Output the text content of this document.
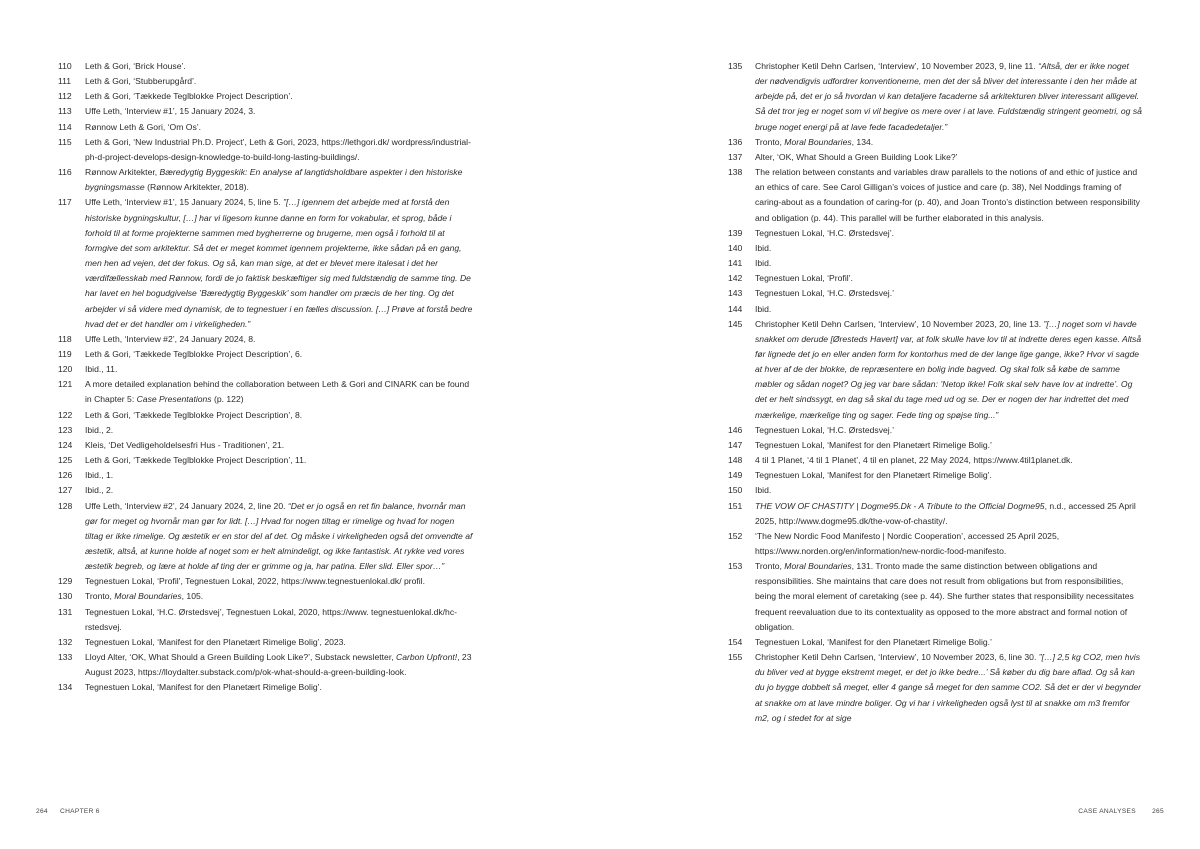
110	Leth & Gori, ‘Brick House’.
111	Leth & Gori, ‘Stubberupgård’.
112	Leth & Gori, ‘Tækkede Teglblokke Project Description’.
113	Uffe Leth, ‘Interview #1’, 15 January 2024, 3.
114	Rønnow Leth & Gori, ‘Om Os’.
115	Leth & Gori, ‘New Industrial Ph.D. Project’, Leth & Gori, 2023, https://lethgori.dk/ wordpress/industrial-ph-d-project-develops-design-knowledge-to-build-long-lasting-buildings/.
116	Rønnow Arkitekter, Bæredygtig Byggeskik: En analyse af langtidsholdbare aspekter i den historiske bygningsmasse (Rønnow Arkitekter, 2018).
117	Uffe Leth, ‘Interview #1’, 15 January 2024, 5, line 5. ”[…] igennem det arbejde med at forstå den historiske bygningskultur, […] har vi ligesom kunne danne en form for vokabular, et sprog, både i forhold til at forme projekterne sammen med bygherrerne og brugerne, men også i forhold til at formgive det som arkitektur. Så det er meget kommet igennem projekterne, ikke sådan på en gang, men hen ad vejen, det der fokus. Og så, kan man sige, at det er blevet mere italesat i det her værdifællesskab med Rønnow, fordi de jo faktisk beskæftiger sig med fuldstændig de samme ting. De har lavet en hel bogudgivelse ’Bæredygtig Byggeskik’ som handler om præcis de her ting. Og det arbejder vi så videre med dynamisk, de to tegnestuer i en fælles discussion. […] Prøve at forstå bedre hvad det er det handler om i virkeligheden.”
118	Uffe Leth, ‘Interview #2’, 24 January 2024, 8.
119	Leth & Gori, ‘Tækkede Teglblokke Project Description’, 6.
120	Ibid., 11.
121	A more detailed explanation behind the collaboration between Leth & Gori and CINARK can be found in Chapter 5: Case Presentations (p. 122)
122	Leth & Gori, ‘Tækkede Teglblokke Project Description’, 8.
123	Ibid., 2.
124	Kleis, ‘Det Vedligeholdelsesfri Hus - Traditionen’, 21.
125	Leth & Gori, ‘Tækkede Teglblokke Project Description’, 11.
126	Ibid., 1.
127	Ibid., 2.
128	Uffe Leth, ‘Interview #2’, 24 January 2024, 2, line 20. “Det er jo også en ret fin balance, hvornår man gør for meget og hvornår man gør for lidt. […] Hvad for nogen tiltag er rimelige og hvad for nogen tiltag er ikke rimelige. Og æstetik er en stor del af det. Og måske i virkeligheden også det omvendte af æstetik, altså, at kunne holde af noget som er helt almindeligt, og ikke fantastisk. At rykke ved vores æstetik begreb, og lære at holde af ting der er grimme og ja, har patina. Eller slid. Eller spor…”
129	Tegnestuen Lokal, ‘Profil’, Tegnestuen Lokal, 2022, https://www.tegnestuenlokal.dk/ profil.
130	Tronto, Moral Boundaries, 105.
131	Tegnestuen Lokal, ‘H.C. Ørstedsvej’, Tegnestuen Lokal, 2020, https://www. tegnestuenlokal.dk/hc-rstedsvej.
132	Tegnestuen Lokal, ‘Manifest for den Planetært Rimelige Bolig’, 2023.
133	Lloyd Alter, ‘OK, What Should a Green Building Look Like?’, Substack newsletter, Carbon Upfront!, 23 August 2023, https://lloydalter.substack.com/p/ok-what-should-a-green-building-look.
134	Tegnestuen Lokal, ‘Manifest for den Planetært Rimelige Bolig’.
264 CHAPTER 6
135	Christopher Ketil Dehn Carlsen, ‘Interview’, 10 November 2023, 9, line 11. “Altså, der er ikke noget der nødvendigvis udfordrer konventionerne, men det der så bliver det interessante i den her måde at arbejde på, det er jo så hvordan vi kan detaljere facaderne så arkitekturen bliver interessant alligevel. Så det tror jeg er noget som vi vil begive os mere over i at lave. Fuldstændig stringent geometri, og så bruge noget energi på at lave fede facadedetaljer.”
136	Tronto, Moral Boundaries, 134.
137	Alter, ‘OK, What Should a Green Building Look Like?’
138	The relation between constants and variables draw parallels to the notions of and ethic of justice and an ethics of care. See Carol Gilligan’s voices of justice and care (p. 38), Nel Noddings framing of caring-about as a foundation of caring-for (p. 40), and Joan Tronto’s distinction between responsibility and obligation (p. 44). This parallel will be further elaborated in this analysis.
139	Tegnestuen Lokal, ‘H.C. Ørstedsvej’.
140	Ibid.
141	Ibid.
142	Tegnestuen Lokal, ‘Profil’.
143	Tegnestuen Lokal, ‘H.C. Ørstedsvej.’
144	Ibid.
145	Christopher Ketil Dehn Carlsen, ‘Interview’, 10 November 2023, 20, line 13. ”[…] noget som vi havde snakket om derude [Øresteds Havert] var, at folk skulle have lov til at indrette deres egen kasse. Altså før lignede det jo en eller anden form for kontorhus med de der lange lige gange, ikke? Hvor vi sagde at hver af de der blokke, de repræsentere en bolig inde bagved. Og skal folk så købe de samme møbler og sådan noget? Og jeg var bare sådan: ’Netop ikke! Folk skal selv have lov at indrette’. Og det er helt sindssygt, en dag så skal du tage med ud og se. Der er nogen der har indrettet det med mærkelige, mærkelige ting og sager. Fede ting og spøjse ting...”
146	Tegnestuen Lokal, ‘H.C. Ørstedsvej.’
147	Tegnestuen Lokal, ‘Manifest for den Planetært Rimelige Bolig.’
148	4 til 1 Planet, ‘4 til 1 Planet’, 4 til en planet, 22 May 2024, https://www.4til1planet.dk.
149	Tegnestuen Lokal, ‘Manifest for den Planetært Rimelige Bolig’.
150	Ibid.
151	THE VOW OF CHASTITY | Dogme95.Dk - A Tribute to the Official Dogme95, n.d., accessed 25 April 2025, http://www.dogme95.dk/the-vow-of-chastity/.
152	‘The New Nordic Food Manifesto | Nordic Cooperation’, accessed 25 April 2025, https://www.norden.org/en/information/new-nordic-food-manifesto.
153	Tronto, Moral Boundaries, 131. Tronto made the same distinction between obligations and responsibilities. She maintains that care does not result from obligations but from responsibilities, being the moral element of caretaking (see p. 44). She further states that responsibility necessitates frequent reevaluation due to its contextuality as opposed to the more abstract and formal notion of obligation.
154	Tegnestuen Lokal, ‘Manifest for den Planetært Rimelige Bolig.’
155	Christopher Ketil Dehn Carlsen, ‘Interview’, 10 November 2023, 6, line 30. ”[…] 2,5 kg CO2, men hvis du bliver ved at bygge ekstremt meget, er det jo ikke bedre...’ Så køber du dig bare aflad. Og så kan du jo bygge dobbelt så meget, eller 4 gange så meget for den samme CO2. Så det er der vi begynder at snakke om at lave mindre boliger. Og vi har i virkeligheden også lyst til at snakke om m3 fremfor m2, og i stedet for at sige
CASE ANALYSES 265
